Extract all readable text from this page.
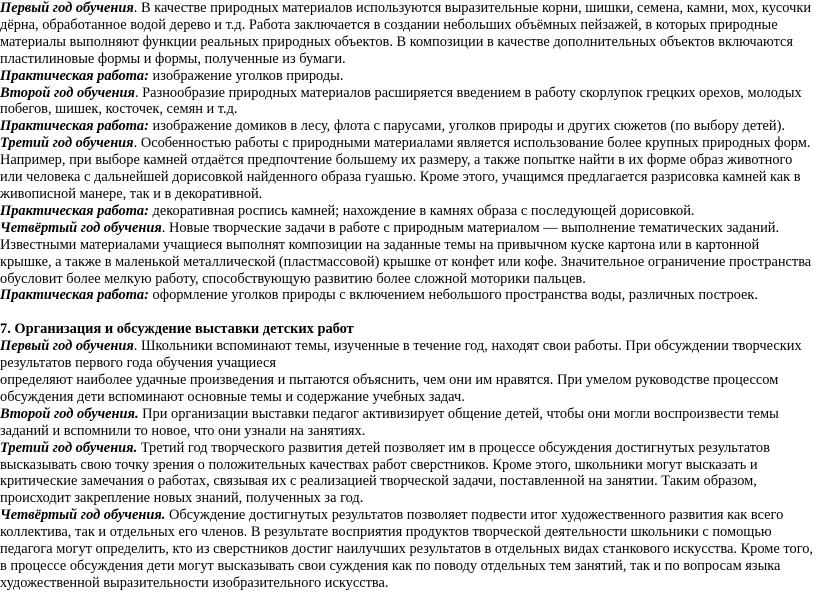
Первый год обучения. В качестве природных материалов используются выразительные корни, шишки, семена, камни, мох, кусочки дёрна, обработанное водой дерево и т.д. Работа заключается в создании небольших объёмных пейзажей, в которых природные материалы выполняют функции реальных природных объектов. В композиции в качестве дополнительных объектов включаются пластилиновые формы и формы, полученные из бумаги.

Практическая работа: изображение уголков природы.

Второй год обучения. Разнообразие природных материалов расширяется введением в работу скорлупок грецких орехов, молодых побегов, шишек, косточек, семян и т.д.

Практическая работа: изображение домиков в лесу, флота с парусами, уголков природы и других сюжетов (по выбору детей).

Третий год обучения. Особенностью работы с природными материалами является использование более крупных природных форм. Например, при выборе камней отдаётся предпочтение большему их размеру, а также попытке найти в их форме образ животного или человека с дальнейшей дорисовкой найденного образа гуашью. Кроме этого, учащимся предлагается разрисовка камней как в живописной манере, так и в декоративной.

Практическая работа: декоративная роспись камней; нахождение в камнях образа с последующей дорисовкой.

Четвёртый год обучения. Новые творческие задачи в работе с природным материалом — выполнение тематических заданий. Известными материалами учащиеся выполнят композиции на заданные темы на привычном куске картона или в картонной крышке, а также в маленькой металлической (пластмассовой) крышке от конфет или кофе. Значительное ограничение пространства обусловит более мелкую работу, способствующую развитию более сложной моторики пальцев.

Практическая работа: оформление уголков природы с включением небольшого пространства воды, различных построек.

7. Организация и обсуждение выставки детских работ

Первый год обучения. Школьники вспоминают темы, изученные в течение год, находят свои работы. При обсуждении творческих результатов первого года обучения учащиеся

определяют наиболее удачные произведения и пытаются объяснить, чем они им нравятся. При умелом руководстве процессом обсуждения дети вспоминают основные темы и содержание учебных задач.

Второй год обучения. При организации выставки педагог активизирует общение детей, чтобы они могли воспроизвести темы заданий и вспомнили то новое, что они узнали на занятиях.

Третий год обучения. Третий год творческого развития детей позволяет им в процессе обсуждения достигнутых результатов высказывать свою точку зрения о положительных качествах работ сверстников. Кроме этого, школьники могут высказать и критические замечания о работах, связывая их с реализацией творческой задачи, поставленной на занятии. Таким образом, происходит закрепление новых знаний, полученных за год.

Четвёртый год обучения. Обсуждение достигнутых результатов позволяет подвести итог художественного развития как всего коллектива, так и отдельных его членов. В результате восприятия продуктов творческой деятельности школьники с помощью педагога могут определить, кто из сверстников достиг наилучших результатов в отдельных видах станкового искусства. Кроме того, в процессе обсуждения дети могут высказывать свои суждения как по поводу отдельных тем занятий, так и по вопросам языка художественной выразительности изобразительного искусства.
